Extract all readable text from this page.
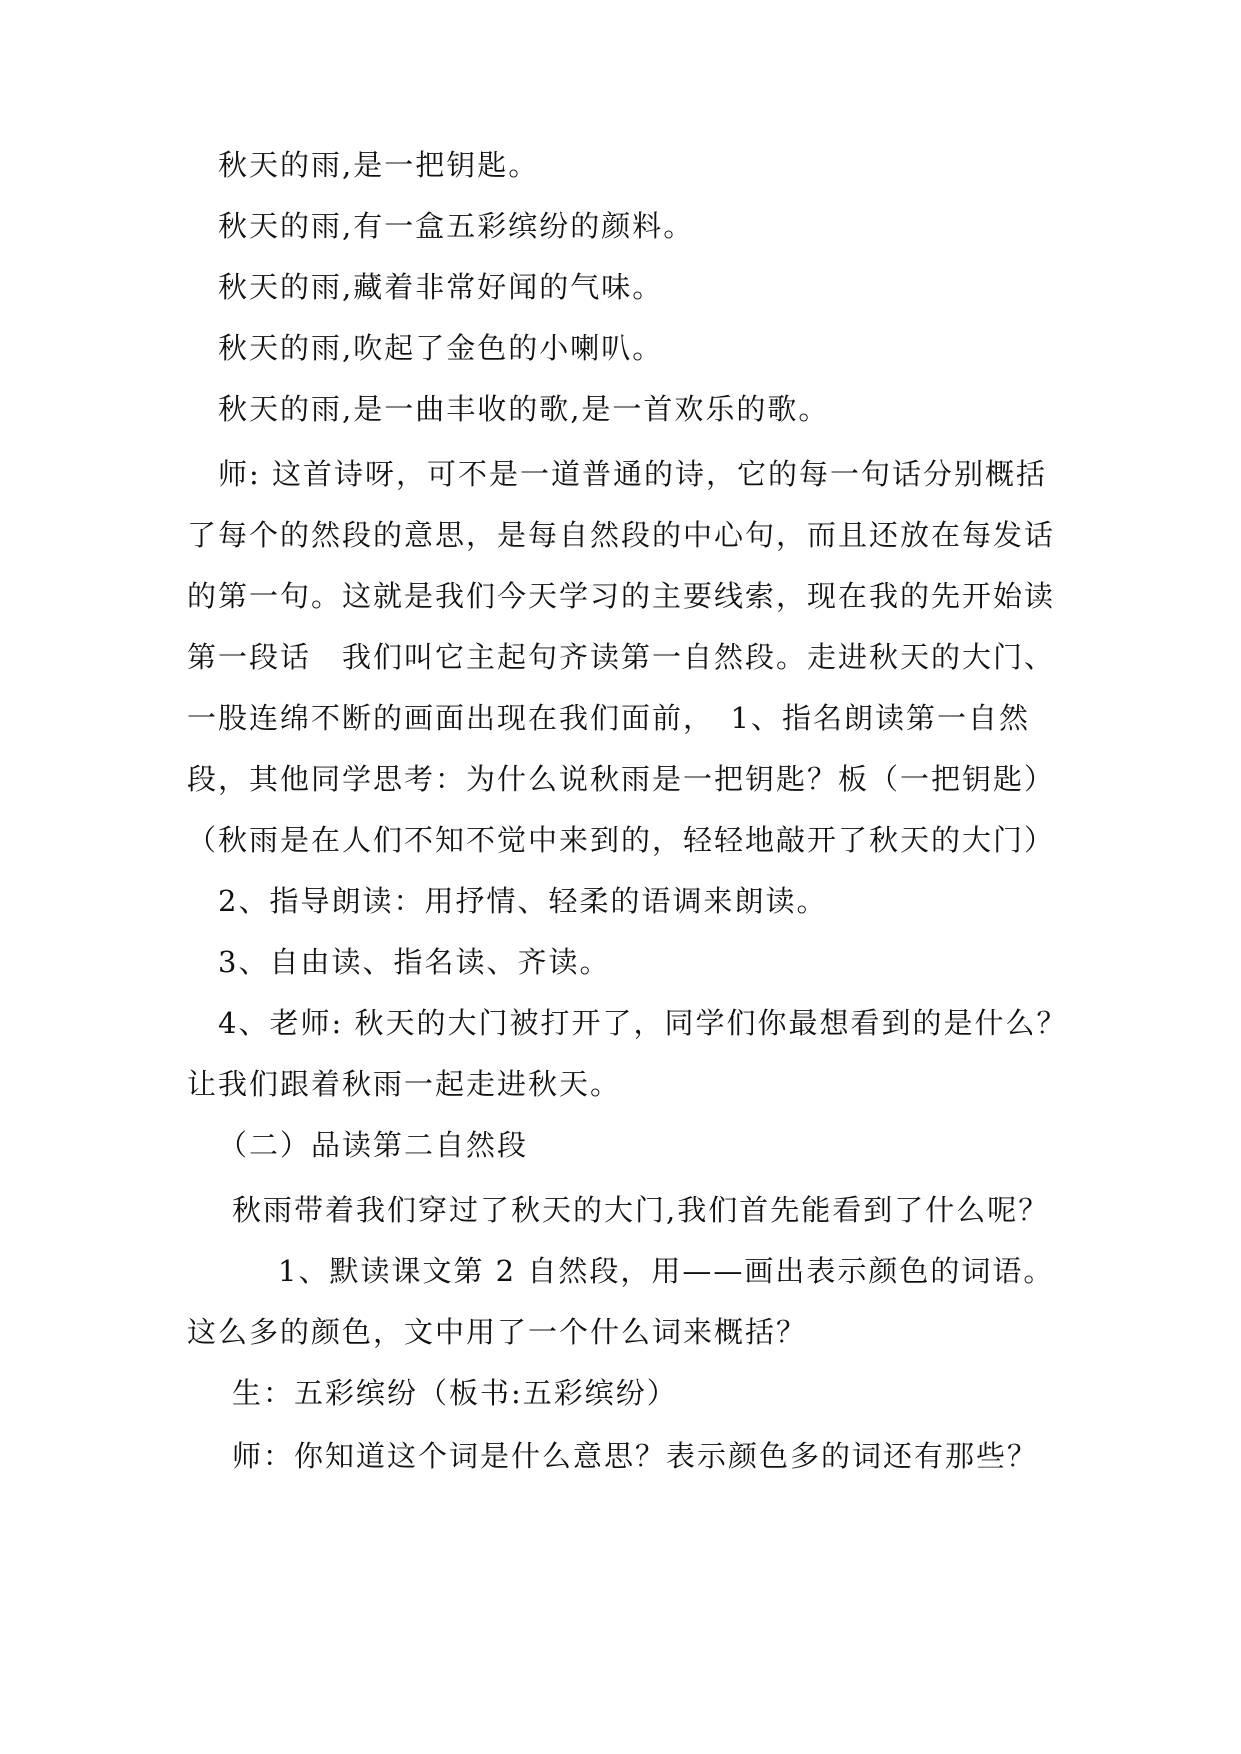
秋天的雨,是一把钥匙。
秋天的雨,有一盒五彩缤纷的颜料。
秋天的雨,藏着非常好闻的气味。
秋天的雨,吹起了金色的小喇叭。
秋天的雨,是一曲丰收的歌,是一首欢乐的歌。
师: 这首诗呀，可不是一道普通的诗，它的每一句话分别概括
了每个的然段的意思，是每自然段的中心句，而且还放在每发话
的第一句。这就是我们今天学习的主要线索，现在我的先开始读
第一段话　我们叫它主起句齐读第一自然段。走进秋天的大门、
一股连绵不断的画面出现在我们面前，　1、指名朗读第一自然
段，其他同学思考：为什么说秋雨是一把钥匙？板（一把钥匙）
（秋雨是在人们不知不觉中来到的，轻轻地敲开了秋天的大门）
2、指导朗读：用抒情、轻柔的语调来朗读。
3、自由读、指名读、齐读。
4、老师: 秋天的大门被打开了，同学们你最想看到的是什么？
让我们跟着秋雨一起走进秋天。
（二）品读第二自然段
秋雨带着我们穿过了秋天的大门,我们首先能看到了什么呢？
1、默读课文第 2 自然段，用——画出表示颜色的词语。
这么多的颜色，文中用了一个什么词来概括？
生：五彩缤纷（板书:五彩缤纷）
师：你知道这个词是什么意思？表示颜色多的词还有那些？
